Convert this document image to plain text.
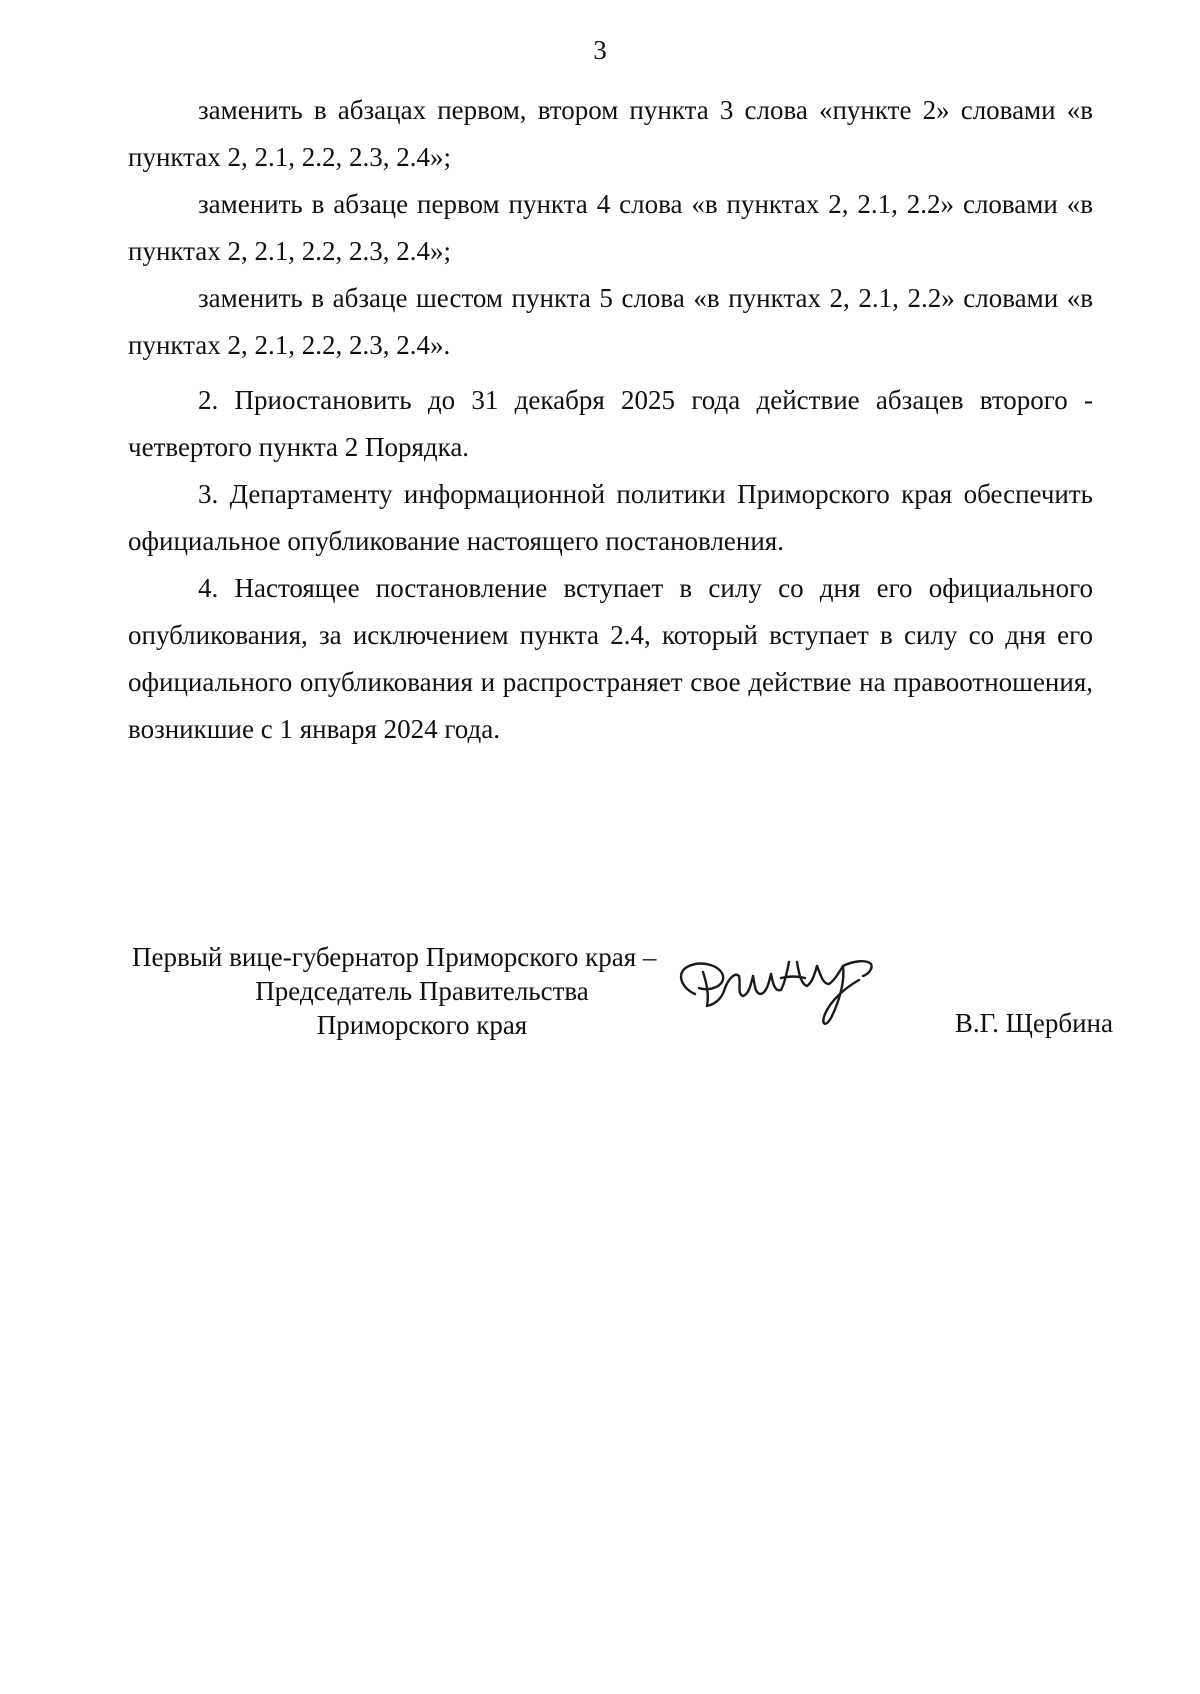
3

заменить в абзацах первом, втором пункта 3 слова «пункте 2» словами «в пунктах 2, 2.1, 2.2, 2.3, 2.4»;

заменить в абзаце первом пункта 4 слова «в пунктах 2, 2.1, 2.2» словами «в пунктах 2, 2.1, 2.2, 2.3, 2.4»;

заменить в абзаце шестом пункта 5 слова «в пунктах 2, 2.1, 2.2» словами «в пунктах 2, 2.1, 2.2, 2.3, 2.4».

2. Приостановить до 31 декабря 2025 года действие абзацев второго - четвертого пункта 2 Порядка.

3. Департаменту информационной политики Приморского края обеспечить официальное опубликование настоящего постановления.

4. Настоящее постановление вступает в силу со дня его официального опубликования, за исключением пункта 2.4, который вступает в силу со дня его официального опубликования и распространяет свое действие на правоотношения, возникшие с 1 января 2024 года.

Первый вице-губернатор Приморского края –
Председатель Правительства
Приморского края	В.Г. Щербина
